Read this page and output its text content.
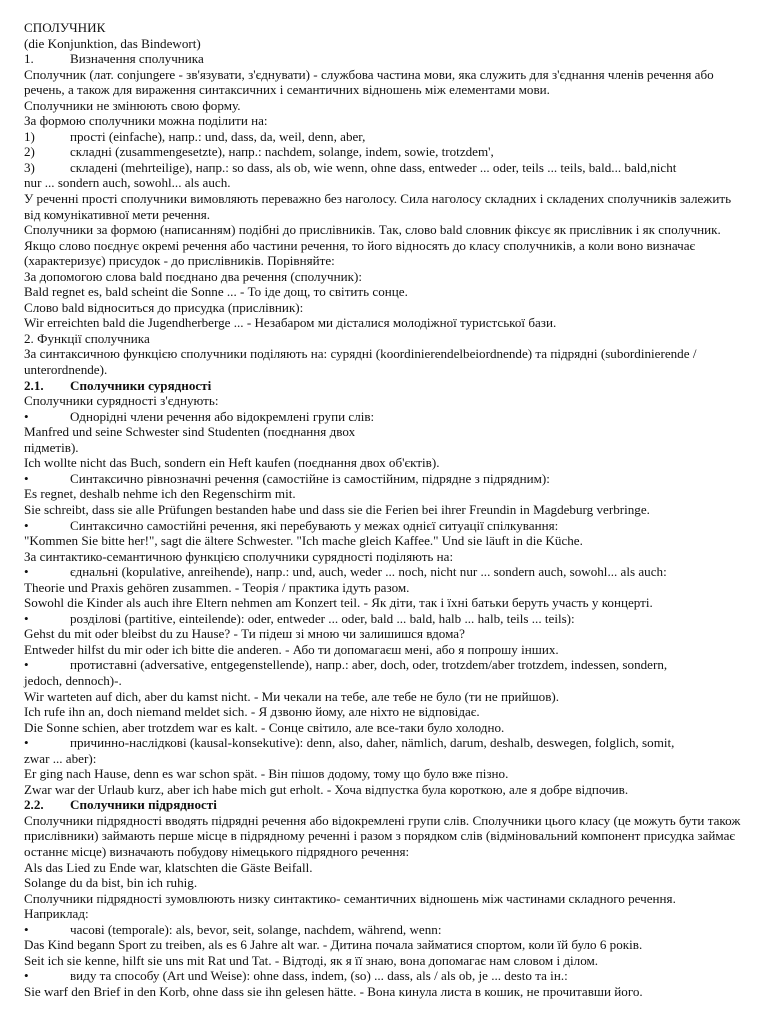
СПОЛУЧНИК
(die Konjunktion, das Bindewort)
1.	Визначення сполучника
Сполучник (лат. conjungere - зв'язувати, з'єднувати) - службова частина мови, яка служить для з'єднання членів речення або речень, а також для вираження синтаксичних і семантичних відношень між елементами мови.
Сполучники не змінюють свою форму.
За формою сполучники можна поділити на:
1)	прості (einfache), напр.: und, dass, da, weil, denn, aber,
2)	складні (zusammengesetzte), напр.: nachdem, solange, indem, sowie, trotzdem',
3)	складені (mehrteilige), напр.: so dass, als ob, wie wenn, ohne dass, entweder ... oder, teils ... teils, bald... bald,nicht
nur ... sondern auch, sowohl... als auch.
У реченні прості сполучники вимовляють переважно без наголосу. Сила наголосу складних і складених сполучників залежить від комунікативної мети речення.
Сполучники за формою (написанням) подібні до прислівників. Так, слово bald словник фіксує як прислівник і як сполучник. Якщо слово поєднує окремі речення або частини речення, то його відносять до класу сполучників, а коли воно визначає (характеризує) присудок - до прислівників. Порівняйте:
За допомогою слова bald поєднано два речення (сполучник):
Bald regnet es, bald scheint die Sonne ... - То іде дощ, то світить сонце.
Слово bald відноситься до присудка (прислівник):
Wir erreichten bald die Jugendherberge ... - Незабаром ми дісталися молодіжної туристської бази.
2. Функції сполучника
За синтаксичною функцією сполучники поділяють на: сурядні (koordinierendelbeiordnende) та підрядні (subordinierende / unterordnende).
2.1.	Сполучники сурядності
Сполучники сурядності з'єднують:
•	Однорідні члени речення або відокремлені групи слів:
Manfred und seine Schwester sind Studenten (поєднання двох
підметів).
Ich wollte nicht das Buch, sondern ein Heft kaufen (поєднання двох об'єктів).
•	Синтаксично рівнозначні речення (самостійне із самостійним, підрядне з підрядним):
Es regnet, deshalb nehme ich den Regenschirm mit.
Sie schreibt, dass sie alle Prüfungen bestanden habe und dass sie die Ferien bei ihrer Freundin in Magdeburg verbringe.
•	Синтаксично самостійні речення, які перебувають у межах однієї ситуації спілкування:
"Kommen Sie bitte her!", sagt die ältere Schwester. "Ich mache gleich Kaffee." Und sie läuft in die Küche.
За синтактико-семантичною функцією сполучники сурядності поділяють на:
•	єднальні (kopulative, anreihende), напр.: und, auch, weder ... noch, nicht nur ... sondern auch, sowohl... als auch:
Theorie und Praxis gehören zusammen. - Теорія / практика ідуть разом.
Sowohl die Kinder als auch ihre Eltern nehmen am Konzert teil. - Як діти, так і їхні батьки беруть участь у концерті.
•	розділові (partitive, einteilende): oder, entweder ... oder, bald ... bald, halb ... halb, teils ... teils):
Gehst du mit oder bleibst du zu Hause? - Ти підеш зі мною чи залишишся вдома?
Entweder hilfst du mir oder ich bitte die anderen. - Або ти допомагаєш мені, або я попрошу інших.
•	протиставні (adversative, entgegenstellende), напр.: aber, doch, oder, trotzdem/aber trotzdem, indessen, sondern,
jedoch, dennoch)-.
Wir warteten auf dich, aber du kamst nicht. - Ми чекали на тебе, але тебе не було (ти не прийшов).
Ich rufe ihn an, doch niemand meldet sich. - Я дзвоню йому, але ніхто не відповідає.
Die Sonne schien, aber trotzdem war es kalt. - Сонце світило, але все-таки було холодно.
•	причинно-наслідкові (kausal-konsekutive): denn, also, daher, nämlich, darum, deshalb, deswegen, folglich, somit,
zwar ... aber):
Er ging nach Hause, denn es war schon spät. - Він пішов додому, тому що було вже пізно.
Zwar war der Urlaub kurz, aber ich habe mich gut erholt. - Хоча відпустка була короткою, але я добре відпочив.
2.2.	Сполучники підрядності
Сполучники підрядності вводять підрядні речення або відокремлені групи слів. Сполучники цього класу (це можуть бути також прислівники) займають перше місце в підрядному реченні і разом з порядком слів (відміновальний компонент присудка займає останнє місце) визначають побудову німецького підрядного речення:
Als das Lied zu Ende war, klatschten die Gäste Beifall.
Solange du da bist, bin ich ruhig.
Сполучники підрядності зумовлюють низку синтактико- семантичних відношень між частинами складного речення.
Наприклад:
•	часові (temporale): als, bevor, seit, solange, nachdem, während, wenn:
Das Kind begann Sport zu treiben, als es 6 Jahre alt war. - Дитина почала займатися спортом, коли їй було 6 років.
Seit ich sie kenne, hilft sie uns mit Rat und Tat. - Відтоді, як я її знаю, вона допомагає нам словом і ділом.
•	виду та способу (Art und Weise): ohne dass, indem, (so) ... dass, als / als ob, je ... desto та ін.:
Sie warf den Brief in den Korb, ohne dass sie ihn gelesen hätte. - Вона кинула листа в кошик, не прочитавши його.
